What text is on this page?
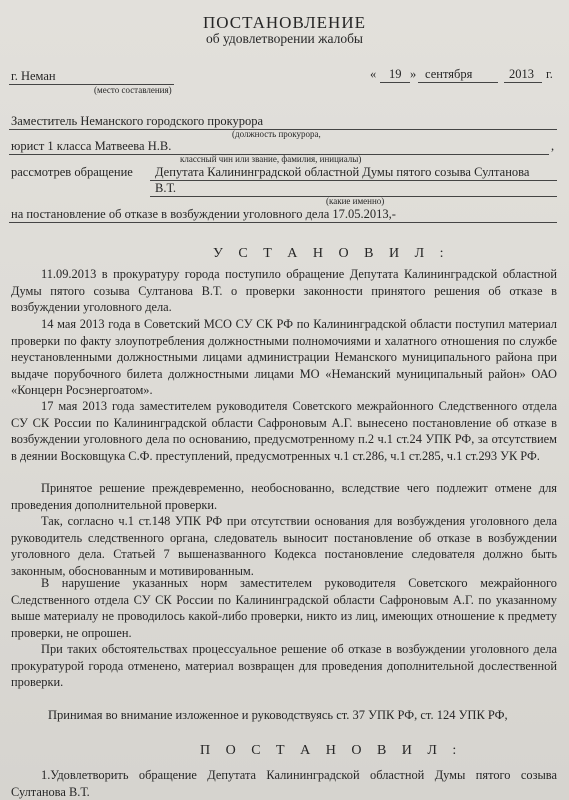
ПОСТАНОВЛЕНИЕ
об удовлетворении жалобы
г. Неман
(место составления)
« 19 » сентября	2013 г.
Заместитель Неманского городского прокурора
(должность прокурора,
юрист 1 класса Матвеева Н.В.	,
классный чин или звание, фамилия, инициалы)
рассмотрев обращение Депутата Калининградской областной Думы пятого созыва Султанова
В.Т.
(какие именно)
на постановление об отказе в возбуждении уголовного дела 17.05.2013,-
У С Т А Н О В И Л :
11.09.2013 в прокуратуру города поступило обращение Депутата Калининградской областной Думы пятого созыва Султанова В.Т. о проверки законности принятого решения об отказе в возбуждении уголовного дела.
14 мая 2013 года в Советский МСО СУ СК РФ по Калининградской области поступил материал проверки по факту злоупотребления должностными полномочиями и халатного отношения по службе неустановленными должностными лицами администрации Неманского муниципального района при выдаче порубочного билета должностными лицами МО «Неманский муниципальный район» ОАО «Концерн Росэнергоатом».
17 мая 2013 года заместителем руководителя Советского межрайонного Следственного отдела СУ СК России по Калининградской области Сафроновым А.Г. вынесено постановление об отказе в возбуждении уголовного дела по основанию, предусмотренному п.2 ч.1 ст.24 УПК РФ, за отсутствием в деянии Восковщука С.Ф. преступлений, предусмотренных ч.1 ст.286, ч.1 ст.285, ч.1 ст.293 УК РФ.
Принятое решение преждевременно, необоснованно, вследствие чего подлежит отмене для проведения дополнительной проверки.
Так, согласно ч.1 ст.148 УПК РФ при отсутствии основания для возбуждения уголовного дела руководитель следственного органа, следователь выносит постановление об отказе в возбуждении уголовного дела. Статьей 7 вышеназванного Кодекса постановление следователя должно быть законным, обоснованным и мотивированным.
В нарушение указанных норм заместителем руководителя Советского межрайонного Следственного отдела СУ СК России по Калининградской области Сафроновым А.Г. по указанному выше материалу не проводилось какой-либо проверки, никто из лиц, имеющих отношение к предмету проверки, не опрошен.
При таких обстоятельствах процессуальное решение об отказе в возбуждении уголовного дела прокуратурой города отменено, материал возвращен для проведения дополнительной дослественной проверки.
Принимая во внимание изложенное и руководствуясь ст. 37 УПК РФ, ст. 124 УПК РФ,
П О С Т А Н О В И Л :
1.Удовлетворить обращение Депутата Калининградской областной Думы пятого созыва Султанова В.Т.
